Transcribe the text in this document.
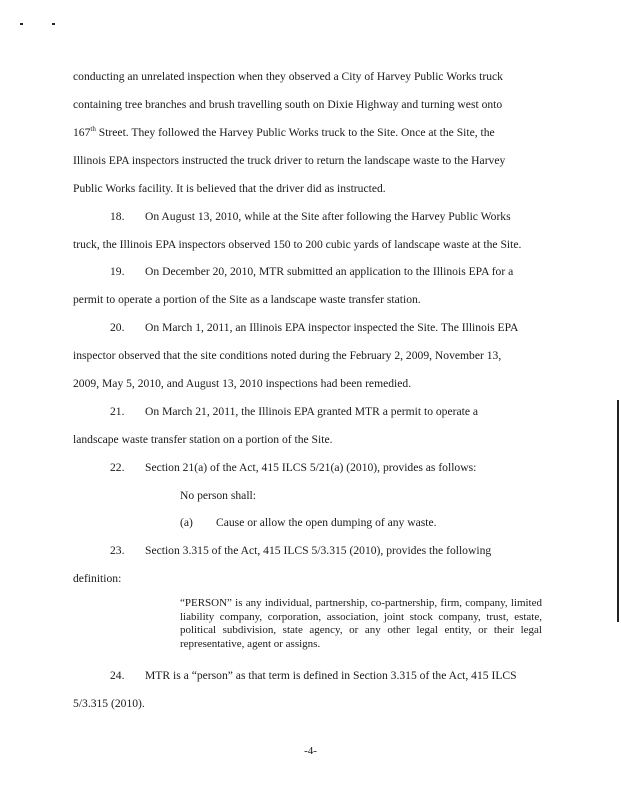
conducting an unrelated inspection when they observed a City of Harvey Public Works truck
containing tree branches and brush travelling south on Dixie Highway and turning west onto
167th Street. They followed the Harvey Public Works truck to the Site. Once at the Site, the
Illinois EPA inspectors instructed the truck driver to return the landscape waste to the Harvey
Public Works facility. It is believed that the driver did as instructed.
18. On August 13, 2010, while at the Site after following the Harvey Public Works
truck, the Illinois EPA inspectors observed 150 to 200 cubic yards of landscape waste at the Site.
19. On December 20, 2010, MTR submitted an application to the Illinois EPA for a
permit to operate a portion of the Site as a landscape waste transfer station.
20. On March 1, 2011, an Illinois EPA inspector inspected the Site. The Illinois EPA
inspector observed that the site conditions noted during the February 2, 2009, November 13,
2009, May 5, 2010, and August 13, 2010 inspections had been remedied.
21. On March 21, 2011, the Illinois EPA granted MTR a permit to operate a
landscape waste transfer station on a portion of the Site.
22. Section 21(a) of the Act, 415 ILCS 5/21(a) (2010), provides as follows:
No person shall:
(a) Cause or allow the open dumping of any waste.
23. Section 3.315 of the Act, 415 ILCS 5/3.315 (2010), provides the following
definition:
“PERSON” is any individual, partnership, co-partnership, firm, company, limited liability company, corporation, association, joint stock company, trust, estate, political subdivision, state agency, or any other legal entity, or their legal representative, agent or assigns.
24. MTR is a “person” as that term is defined in Section 3.315 of the Act, 415 ILCS
5/3.315 (2010).
-4-
